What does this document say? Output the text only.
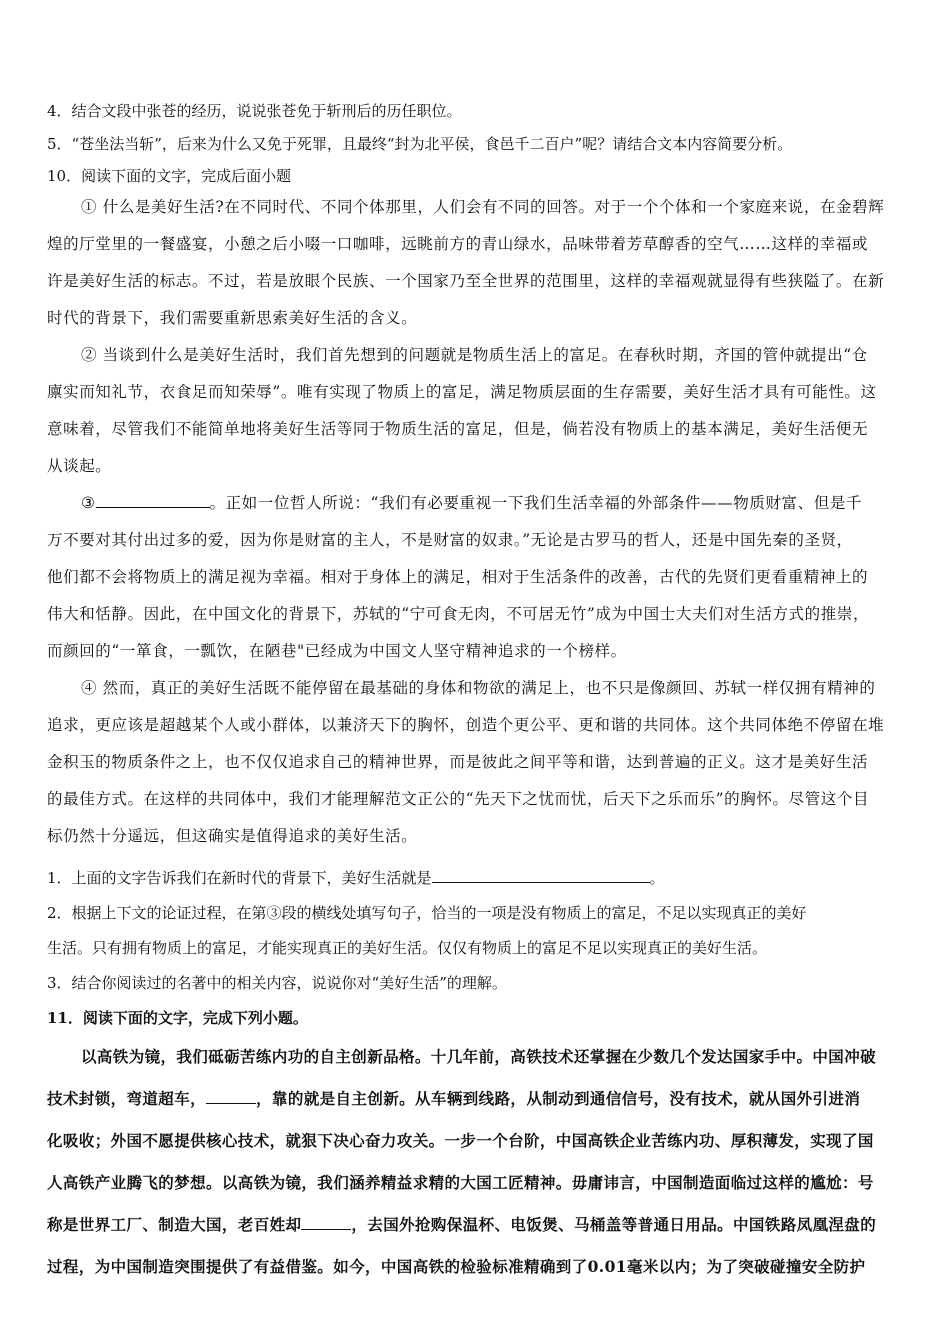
4．结合文段中张苍的经历，说说张苍免于斩刑后的历任职位。
5．“苍坐法当斩”，后来为什么又免于死罪，且最终“封为北平侯，食邑千二百户”呢？请结合文本内容简要分析。
10．阅读下面的文字，完成后面小题
① 什么是美好生活?在不同时代、不同个体那里，人们会有不同的回答。对于一个个体和一个家庭来说，在金碧辉
煌的厅堂里的一餐盛宴，小憩之后小啜一口咖啡，远眺前方的青山绿水，品味带着芳草醇香的空气……这样的幸福或
许是美好生活的标志。不过，若是放眼个民族、一个国家乃至全世界的范围里，这样的幸福观就显得有些狭隘了。在新
时代的背景下，我们需要重新思索美好生活的含义。
② 当谈到什么是美好生活时，我们首先想到的问题就是物质生活上的富足。在春秋时期，齐国的管仲就提出“仓
廪实而知礼节，衣食足而知荣辱”。唯有实现了物质上的富足，满足物质层面的生存需要，美好生活才具有可能性。这
意味着，尽管我们不能简单地将美好生活等同于物质生活的富足，但是，倘若没有物质上的基本满足，美好生活便无
从谈起。
③	。正如一位哲人所说：“我们有必要重视一下我们生活幸福的外部条件——物质财富、但是千
万不要对其付出过多的爱，因为你是财富的主人，不是财富的奴隶。”无论是古罗马的哲人，还是中国先秦的圣贤，
他们都不会将物质上的满足视为幸福。相对于身体上的满足，相对于生活条件的改善，古代的先贤们更看重精神上的
伟大和恬静。因此，在中国文化的背景下，苏轼的“宁可食无肉，不可居无竹”成为中国士大夫们对生活方式的推崇，
而颜回的“一箪食，一瓢饮，在陋巷"已经成为中国文人坚守精神追求的一个榜样。
④ 然而，真正的美好生活既不能停留在最基础的身体和物欲的满足上，也不只是像颜回、苏轼一样仅拥有精神的
追求，更应该是超越某个人或小群体，以兼济天下的胸怀，创造个更公平、更和谐的共同体。这个共同体绝不停留在堆
金积玉的物质条件之上，也不仅仅追求自己的精神世界，而是彼此之间平等和谐，达到普遍的正义。这才是美好生活
的最佳方式。在这样的共同体中，我们才能理解范文正公的“先天下之忧而忧，后天下之乐而乐”的胸怀。尽管这个目
标仍然十分遥远，但这确实是值得追求的美好生活。
1．上面的文字告诉我们在新时代的背景下，美好生活就是	。
2．根据上下文的论证过程，在第③段的横线处填写句子，恰当的一项是没有物质上的富足，不足以实现真正的美好
生活。只有拥有物质上的富足，才能实现真正的美好生活。仅仅有物质上的富足不足以实现真正的美好生活。
3．结合你阅读过的名著中的相关内容，说说你对“美好生活”的理解。
11．阅读下面的文字，完成下列小题。
以高铁为镜，我们砥砺苦练内功的自主创新品格。十几年前，高铁技术还掌握在少数几个发达国家手中。中国冲破
技术封锁，弯道超车，	，靠的就是自主创新。从车辆到线路，从制动到通信信号，没有技术，就从国外引进消
化吸收；外国不愿提供核心技术，就狠下决心奋力攻关。一步一个台阶，中国高铁企业苦练内功、厚积薄发，实现了国
人高铁产业腾飞的梦想。以高铁为镜，我们涵养精益求精的大国工匠精神。毋庸讳言，中国制造面临过这样的尴尬：号
称是世界工厂、制造大国，老百姓却	，去国外抢购保温杯、电饭煲、马桶盖等普通日用品。中国铁路凤凰涅盘的
过程，为中国制造突围提供了有益借鉴。如今，中国高铁的检验标准精确到了0.01毫米以内；为了突破碰撞安全防护
